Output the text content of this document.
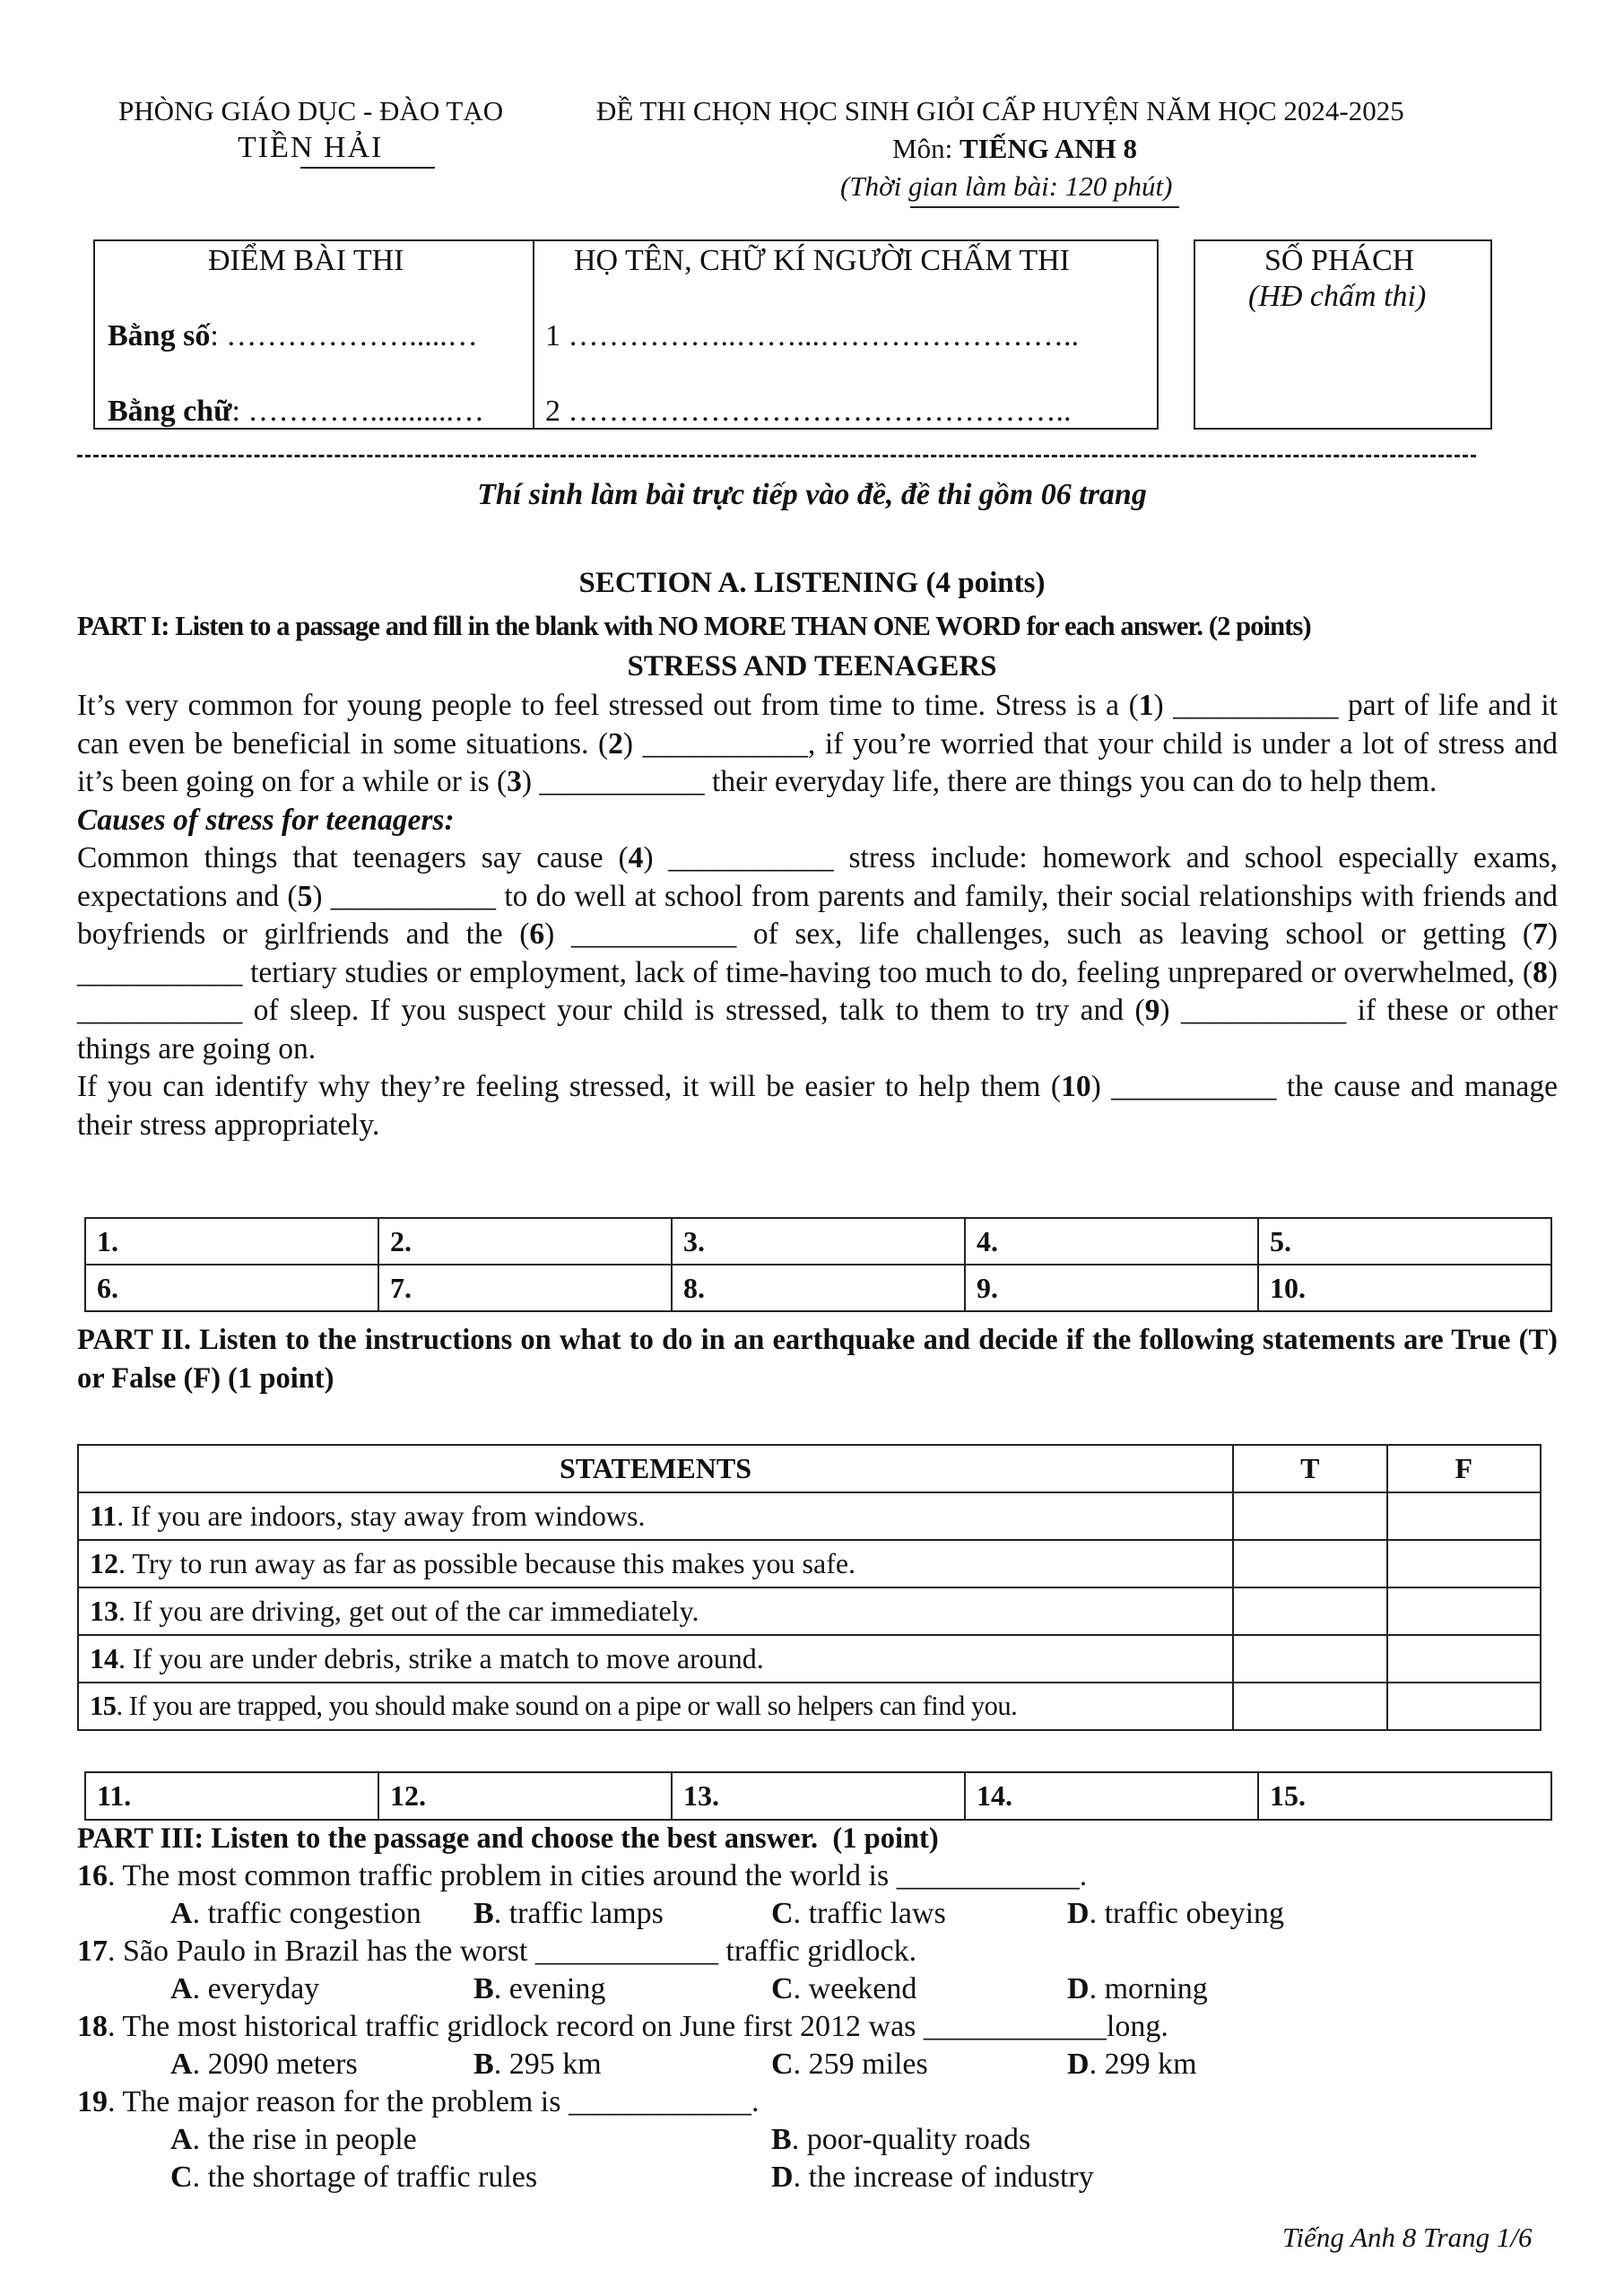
PHÒNG GIÁO DỤC - ĐÀO TẠO
TIỀN HẢI
ĐỀ THI CHỌN HỌC SINH GIỎI CẤP HUYỆN NĂM HỌC 2024-2025
Môn: TIẾNG ANH 8
(Thời gian làm bài: 120 phút)
ĐIỂM BÀI THI
Bằng số: ……………….....…
Bằng chữ: …………...........…
HỌ TÊN, CHỮ KÍ NGƯỜI CHẤM THI
1 ……………..……...……………………..
2 …………………………………………..
SỐ PHÁCH
(HĐ chấm thi)
Thí sinh làm bài trực tiếp vào đề, đề thi gồm 06 trang
SECTION A. LISTENING (4 points)
PART I: Listen to a passage and fill in the blank with NO MORE THAN ONE WORD for each answer. (2 points)
STRESS AND TEENAGERS

It’s very common for young people to feel stressed out from time to time. Stress is a (1) ___________ part of life and it can even be beneficial in some situations. (2) ___________, if you’re worried that your child is under a lot of stress and it’s been going on for a while or is (3) ___________ their everyday life, there are things you can do to help them.

Causes of stress for teenagers:

Common things that teenagers say cause (4) ___________ stress include: homework and school especially exams, expectations and (5) ___________ to do well at school from parents and family, their social relationships with friends and boyfriends or girlfriends and the (6) ___________ of sex, life challenges, such as leaving school or getting (7) ___________ tertiary studies or employment, lack of time-having too much to do, feeling unprepared or overwhelmed, (8) ___________ of sleep. If you suspect your child is stressed, talk to them to try and (9) ___________ if these or other things are going on.

If you can identify why they’re feeling stressed, it will be easier to help them (10) ___________ the cause and manage their stress appropriately.

1.	2.	3.	4.	5.
6.	7.	8.	9.	10.
PART II. Listen to the instructions on what to do in an earthquake and decide if the following statements are True (T) or False (F) (1 point)
STATEMENTS	T	F
11. If you are indoors, stay away from windows.		
12. Try to run away as far as possible because this makes you safe.		
13. If you are driving, get out of the car immediately.		
14. If you are under debris, strike a match to move around.		
15. If you are trapped, you should make sound on a pipe or wall so helpers can find you.		
11.	12.	13.	14.	15.
PART III: Listen to the passage and choose the best answer. (1 point)
16. The most common traffic problem in cities around the world is ____________.
A. traffic congestion B. traffic lamps	C. traffic laws	D. traffic obeying
17. São Paulo in Brazil has the worst ____________ traffic gridlock.
A. everyday	B. evening	C. weekend	D. morning
18. The most historical traffic gridlock record on June first 2012 was ____________long.
A. 2090 meters	B. 295 km	C. 259 miles	D. 299 km
19. The major reason for the problem is ____________.
A. the rise in people	B. poor-quality roads
C. the shortage of traffic rules	D. the increase of industry
Tiếng Anh 8 Trang 1/6
